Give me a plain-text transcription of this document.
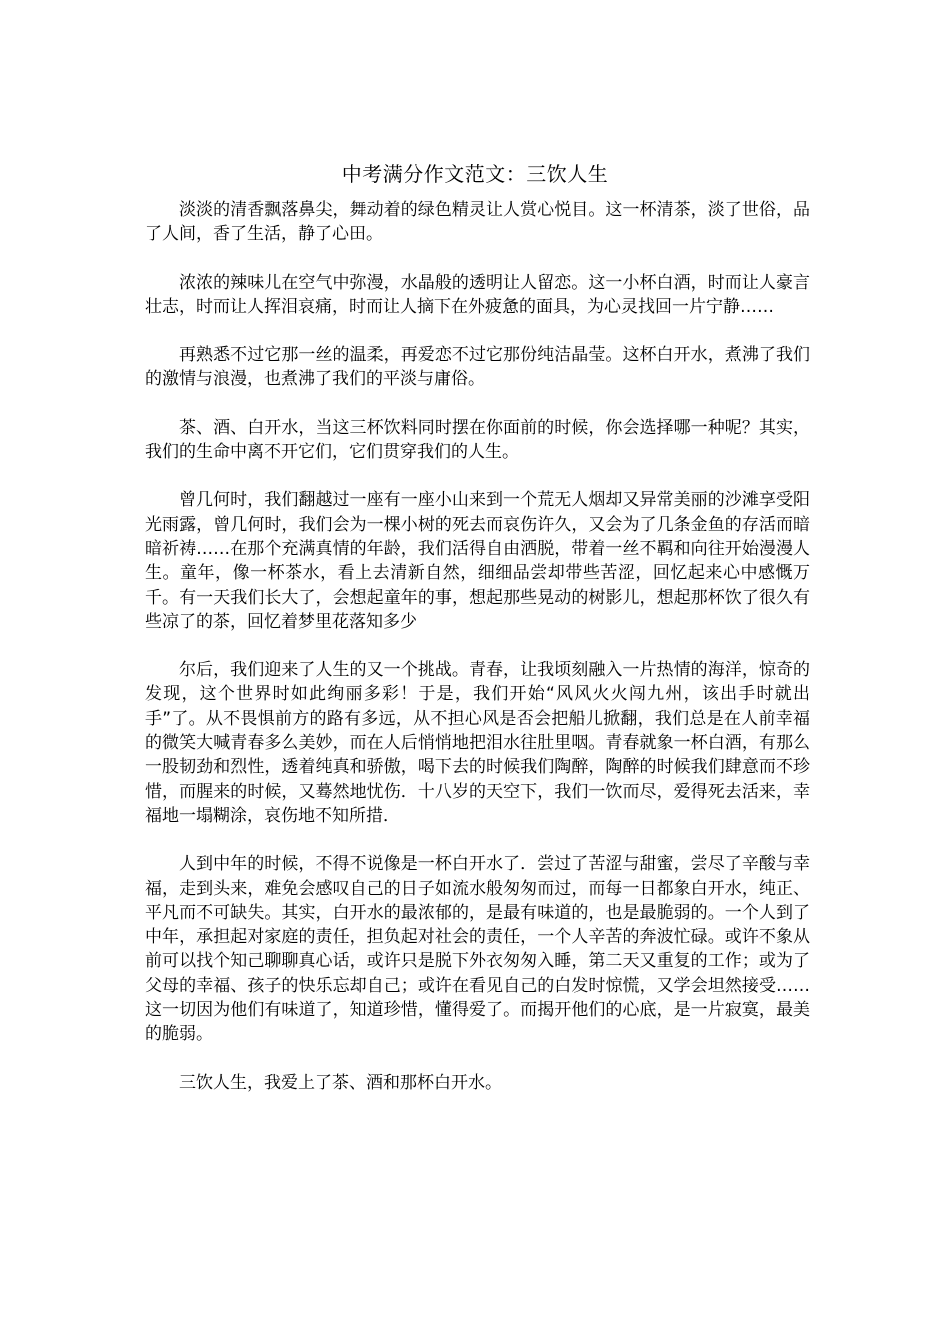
中考满分作文范文：三饮人生

淡淡的清香飘落鼻尖，舞动着的绿色精灵让人赏心悦目。这一杯清茶，淡了世俗，品了人间，香了生活，静了心田。

浓浓的辣味儿在空气中弥漫，水晶般的透明让人留恋。这一小杯白酒，时而让人豪言壮志，时而让人挥泪哀痛，时而让人摘下在外疲惫的面具，为心灵找回一片宁静……

再熟悉不过它那一丝的温柔，再爱恋不过它那份纯洁晶莹。这杯白开水，煮沸了我们的激情与浪漫，也煮沸了我们的平淡与庸俗。

茶、酒、白开水，当这三杯饮料同时摆在你面前的时候，你会选择哪一种呢？其实，我们的生命中离不开它们，它们贯穿我们的人生。

曾几何时，我们翻越过一座有一座小山来到一个荒无人烟却又异常美丽的沙滩享受阳光雨露，曾几何时，我们会为一棵小树的死去而哀伤许久，又会为了几条金鱼的存活而暗暗祈祷……在那个充满真情的年龄，我们活得自由洒脱，带着一丝不羁和向往开始漫漫人生。童年，像一杯茶水，看上去清新自然，细细品尝却带些苦涩，回忆起来心中感慨万千。有一天我们长大了，会想起童年的事，想起那些晃动的树影儿，想起那杯饮了很久有些凉了的茶，回忆着梦里花落知多少

尔后，我们迎来了人生的又一个挑战。青春，让我顷刻融入一片热情的海洋，惊奇的发现，这个世界时如此绚丽多彩！于是，我们开始“风风火火闯九州，该出手时就出手”了。从不畏惧前方的路有多远，从不担心风是否会把船儿掀翻，我们总是在人前幸福的微笑大喊青春多么美妙，而在人后悄悄地把泪水往肚里咽。青春就象一杯白酒，有那么一股韧劲和烈性，透着纯真和骄傲，喝下去的时候我们陶醉，陶醉的时候我们肆意而不珍惜，而腥来的时候，又蓦然地忧伤．十八岁的天空下，我们一饮而尽，爱得死去活来，幸福地一塌糊涂，哀伤地不知所措．

人到中年的时候，不得不说像是一杯白开水了．尝过了苦涩与甜蜜，尝尽了辛酸与幸福，走到头来，难免会感叹自己的日子如流水般匆匆而过，而每一日都象白开水，纯正、平凡而不可缺失。其实，白开水的最浓郁的，是最有味道的，也是最脆弱的。一个人到了中年，承担起对家庭的责任，担负起对社会的责任，一个人辛苦的奔波忙碌。或许不象从前可以找个知己聊聊真心话，或许只是脱下外衣匆匆入睡，第二天又重复的工作；或为了父母的幸福、孩子的快乐忘却自己；或许在看见自己的白发时惊慌，又学会坦然接受……这一切因为他们有味道了，知道珍惜，懂得爱了。而揭开他们的心底，是一片寂寞，最美的脆弱。

三饮人生，我爱上了茶、酒和那杯白开水。
